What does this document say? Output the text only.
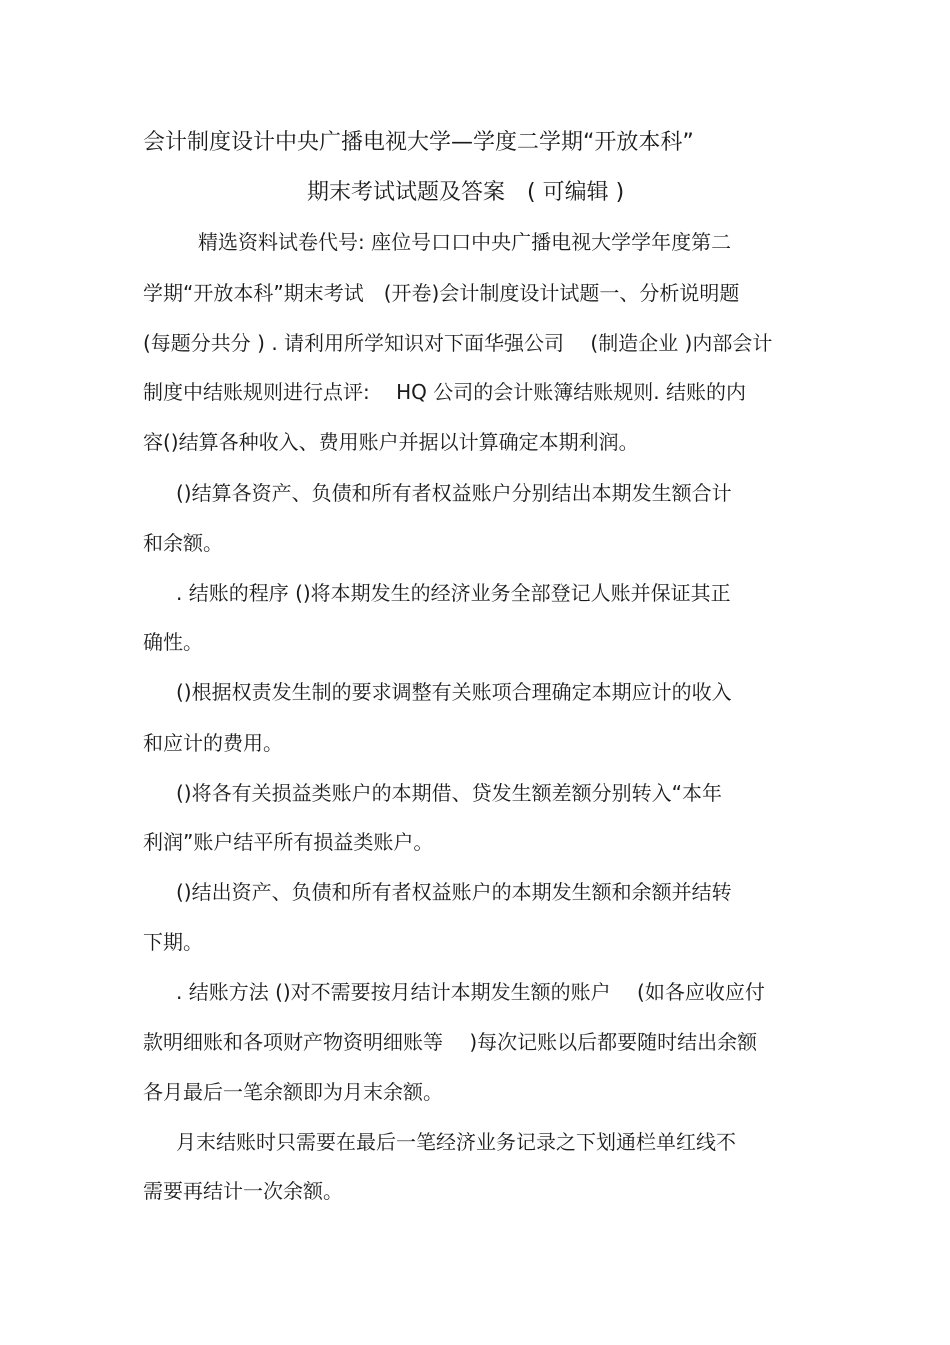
会计制度设计中央广播电视大学—学度二学期“开放本科”
期末考试试题及答案　( 可编辑 )
　精选资料试卷代号: 座位号口口中央广播电视大学学年度第二
学期“开放本科”期末考试　(开卷)会计制度设计试题一、分析说明题
(每题分共分 ) . 请利用所学知识对下面华强公司　 (制造企业 )内部会计
制度中结账规则进行点评:　 HQ 公司的会计账簿结账规则. 结账的内
容()结算各种收入、费用账户并据以计算确定本期利润。
()结算各资产、负债和所有者权益账户分别结出本期发生额合计
和余额。
. 结账的程序 ()将本期发生的经济业务全部登记人账并保证其正
确性。
()根据权责发生制的要求调整有关账项合理确定本期应计的收入
和应计的费用。
()将各有关损益类账户的本期借、贷发生额差额分别转入“本年
利润”账户结平所有损益类账户。
()结出资产、负债和所有者权益账户的本期发生额和余额并结转
下期。
. 结账方法 ()对不需要按月结计本期发生额的账户　 (如各应收应付
款明细账和各项财产物资明细账等　 )每次记账以后都要随时结出余额
各月最后一笔余额即为月末余额。
月末结账时只需要在最后一笔经济业务记录之下划通栏单红线不
需要再结计一次余额。
